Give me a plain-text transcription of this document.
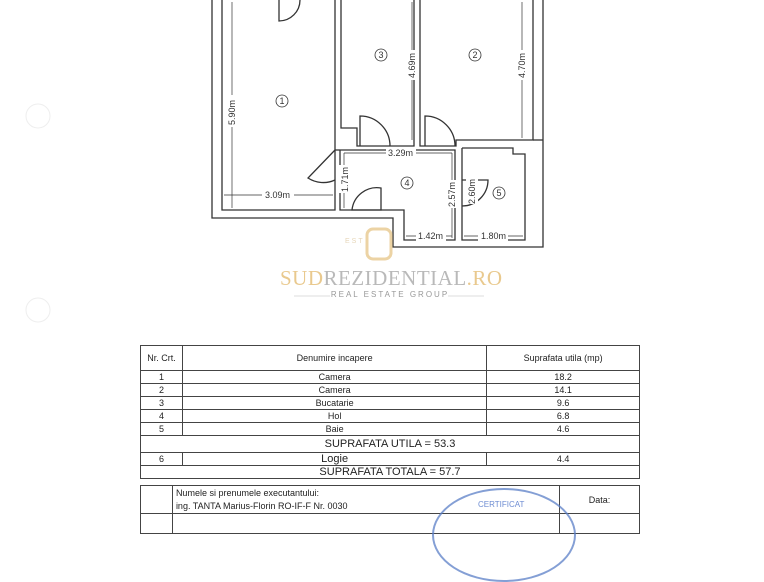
5.90m
3.09m
4.69m	4.70m
3.29m
1.71m
2.57m 2.60m
1.42m	1.80m
1
2
3
4
5
EST
SUDREZIDENTIAL.RO
REAL ESTATE GROUP
Nr. Crt.	Denumire incapere	Suprafata utila (mp)
1	Camera	18.2
2	Camera	14.1
3	Bucatarie	9.6
4	Hol	6.8
5	Baie	4.6
SUPRAFATA UTILA = 53.3		
6	Logie	4.4
SUPRAFATA TOTALA = 57.7		

	Numele si prenumele executantului:
ing. TANTA Marius-Florin RO-IF-F Nr. 0030	Data:

CERTIFICAT
